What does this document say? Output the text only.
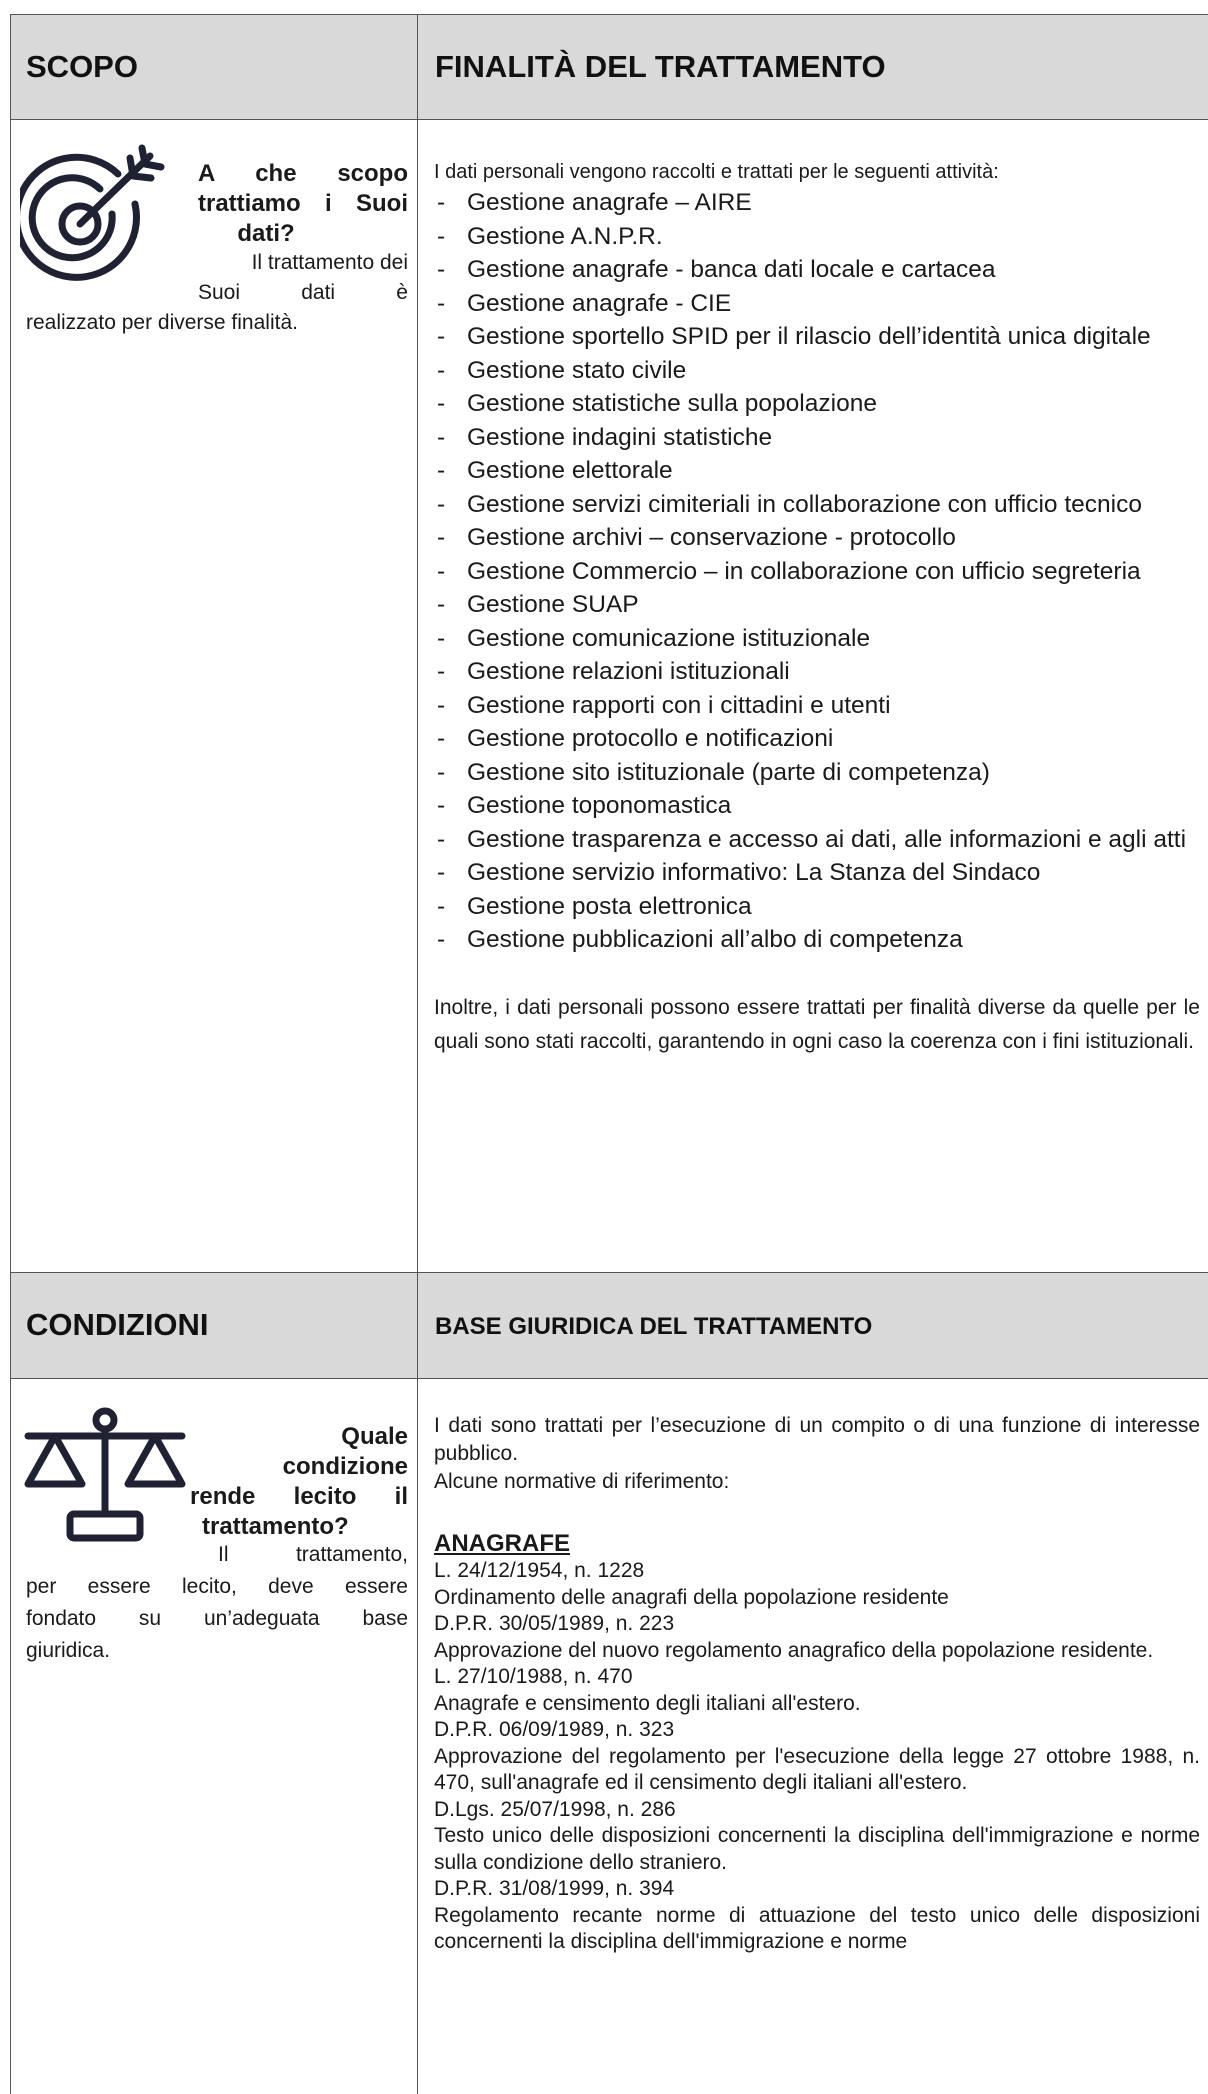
SCOPO	FINALITÀ DEL TRATTAMENTO
A che scopo
trattiamo i Suoi
dati?
Il trattamento dei
Suoi dati è
realizzato per diverse finalità.
I dati personali vengono raccolti e trattati per le seguenti attività:
- Gestione anagrafe – AIRE
- Gestione A.N.P.R.
- Gestione anagrafe - banca dati locale e cartacea
- Gestione anagrafe - CIE
- Gestione sportello SPID per il rilascio dell’identità unica digitale
- Gestione stato civile
- Gestione statistiche sulla popolazione
- Gestione indagini statistiche
- Gestione elettorale
- Gestione servizi cimiteriali in collaborazione con ufficio tecnico
- Gestione archivi – conservazione - protocollo
- Gestione Commercio – in collaborazione con ufficio segreteria
- Gestione SUAP
- Gestione comunicazione istituzionale
- Gestione relazioni istituzionali
- Gestione rapporti con i cittadini e utenti
- Gestione protocollo e notificazioni
- Gestione sito istituzionale (parte di competenza)
- Gestione toponomastica
- Gestione trasparenza e accesso ai dati, alle informazioni e agli atti
- Gestione servizio informativo: La Stanza del Sindaco
- Gestione posta elettronica
- Gestione pubblicazioni all’albo di competenza
Inoltre, i dati personali possono essere trattati per finalità diverse da quelle per le quali sono stati raccolti, garantendo in ogni caso la coerenza con i fini istituzionali.
CONDIZIONI	BASE GIURIDICA DEL TRATTAMENTO
Quale
condizione
rende lecito il
trattamento?
Il trattamento,
per essere lecito, deve essere
fondato su un’adeguata base
giuridica.
I dati sono trattati per l’esecuzione di un compito o di una funzione di interesse pubblico.
Alcune normative di riferimento:
ANAGRAFE
L. 24/12/1954, n. 1228
Ordinamento delle anagrafi della popolazione residente
D.P.R. 30/05/1989, n. 223
Approvazione del nuovo regolamento anagrafico della popolazione residente.
L. 27/10/1988, n. 470
Anagrafe e censimento degli italiani all'estero.
D.P.R. 06/09/1989, n. 323
Approvazione del regolamento per l'esecuzione della legge 27 ottobre 1988, n. 470, sull'anagrafe ed il censimento degli italiani all'estero.
D.Lgs. 25/07/1998, n. 286
Testo unico delle disposizioni concernenti la disciplina dell'immigrazione e norme sulla condizione dello straniero.
D.P.R. 31/08/1999, n. 394
Regolamento recante norme di attuazione del testo unico delle disposizioni concernenti la disciplina dell'immigrazione e norme
